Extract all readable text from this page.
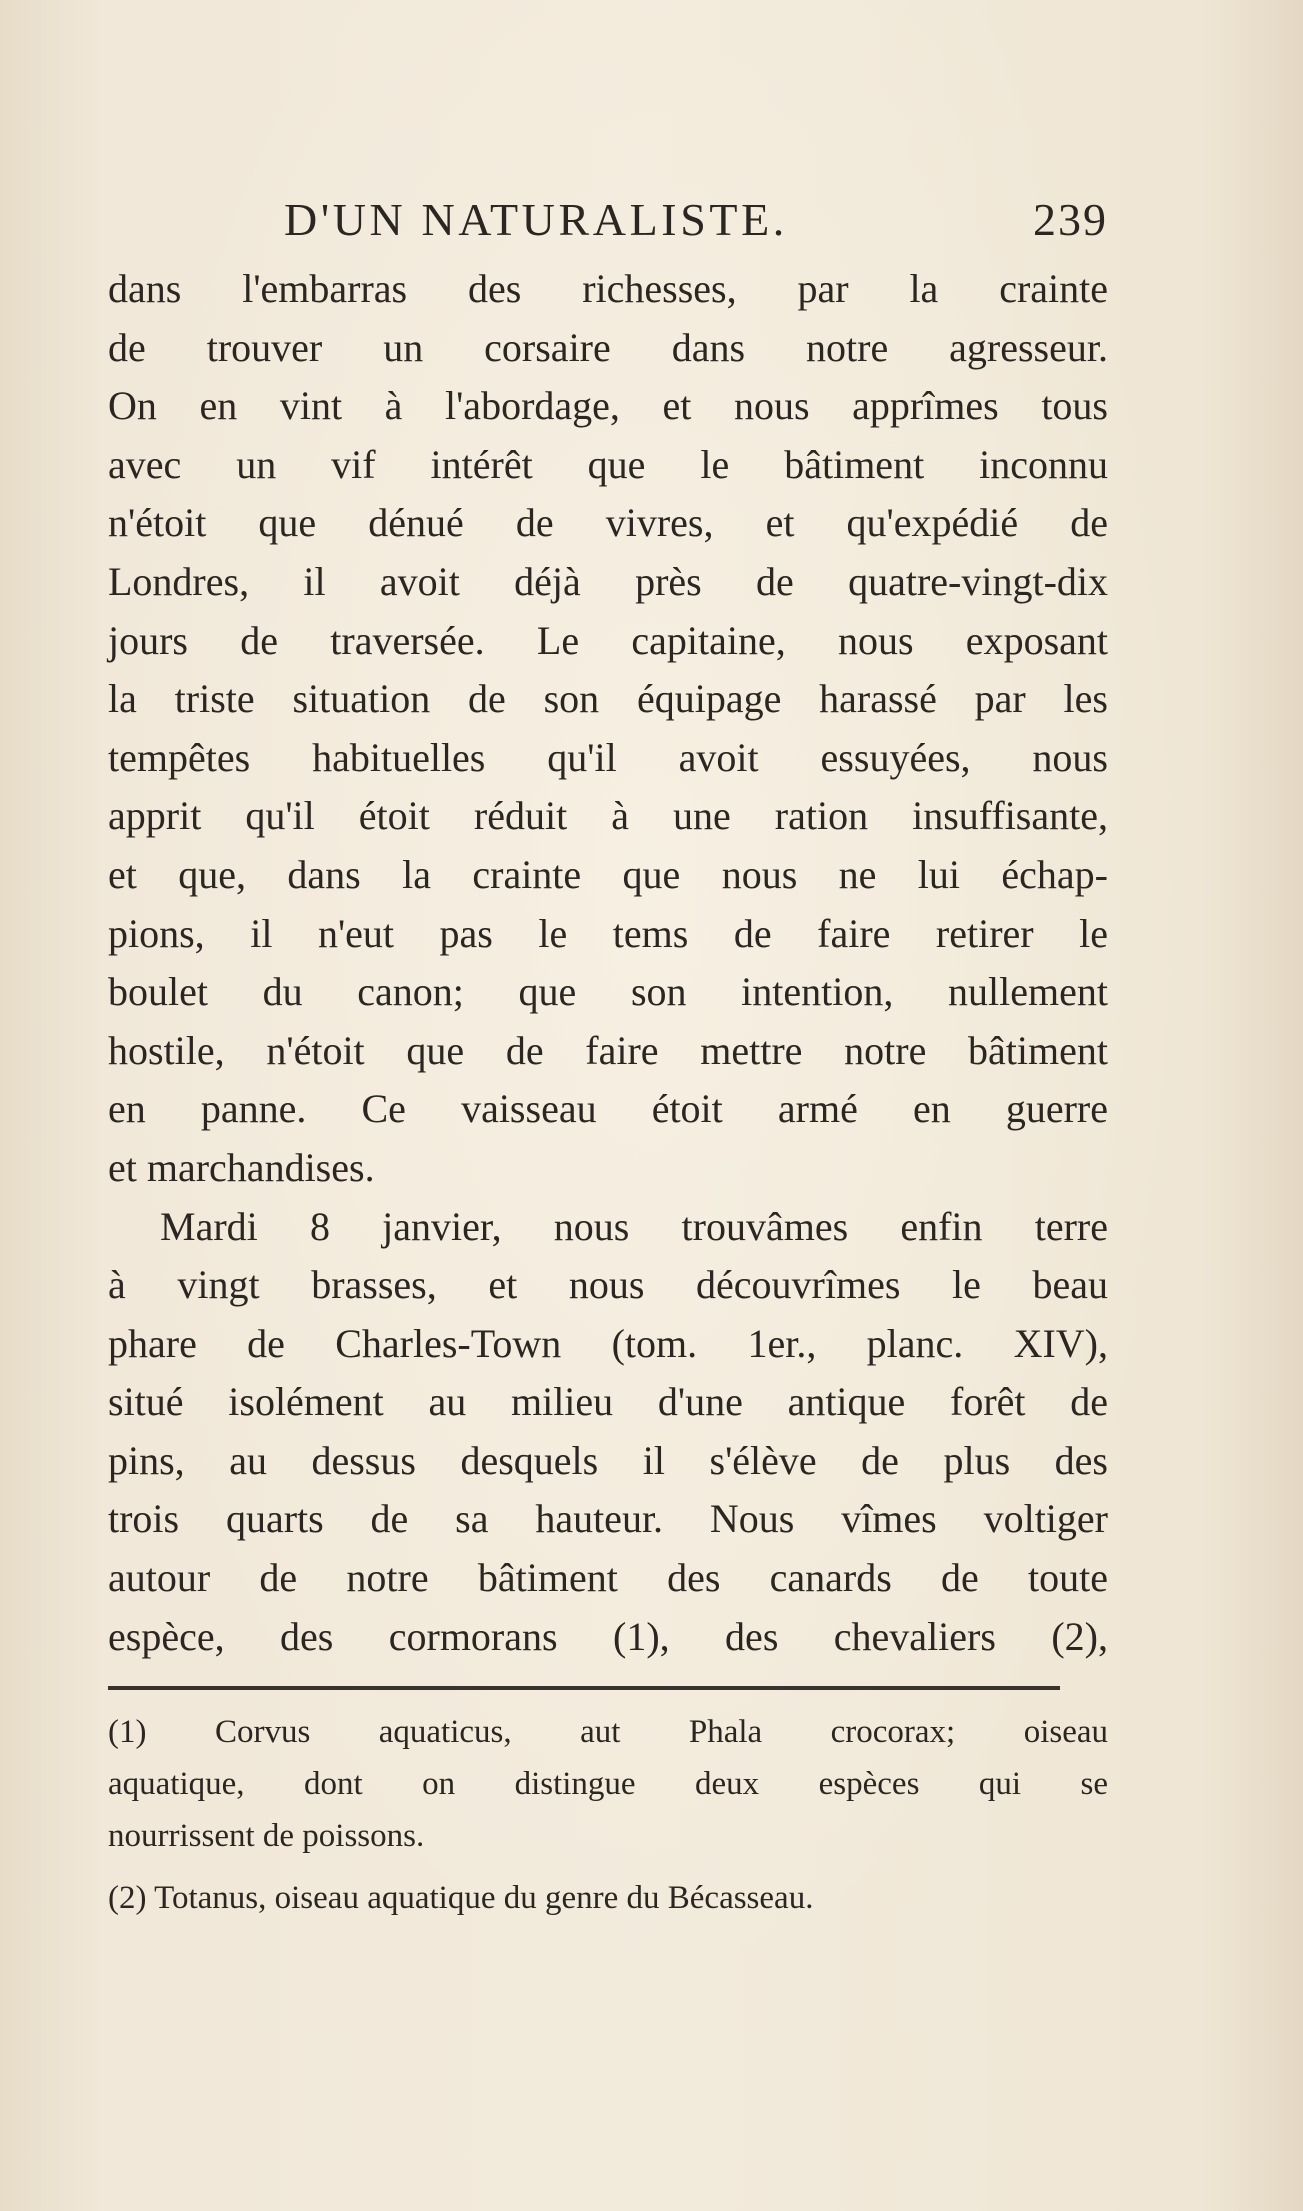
D'UN NATURALISTE.	239
dans l'embarras des richesses, par la crainte
de trouver un corsaire dans notre agresseur.
On en vint à l'abordage, et nous apprîmes tous
avec un vif intérêt que le bâtiment inconnu
n'étoit que dénué de vivres, et qu'expédié de
Londres, il avoit déjà près de quatre-vingt-dix
jours de traversée. Le capitaine, nous exposant
la triste situation de son équipage harassé par les
tempêtes habituelles qu'il avoit essuyées, nous
apprit qu'il étoit réduit à une ration insuffisante,
et que, dans la crainte que nous ne lui échap-
pions, il n'eut pas le tems de faire retirer le
boulet du canon; que son intention, nullement
hostile, n'étoit que de faire mettre notre bâtiment
en panne. Ce vaisseau étoit armé en guerre
et marchandises.
Mardi 8 janvier, nous trouvâmes enfin terre
à vingt brasses, et nous découvrîmes le beau
phare de Charles-Town (tom. 1er., planc. XIV),
situé isolément au milieu d'une antique forêt de
pins, au dessus desquels il s'élève de plus des
trois quarts de sa hauteur. Nous vîmes voltiger
autour de notre bâtiment des canards de toute
espèce, des cormorans (1), des chevaliers (2),
(1) Corvus aquaticus, aut Phala crocorax; oiseau
aquatique, dont on distingue deux espèces qui se
nourrissent de poissons.
(2) Totanus, oiseau aquatique du genre du Bécasseau.
